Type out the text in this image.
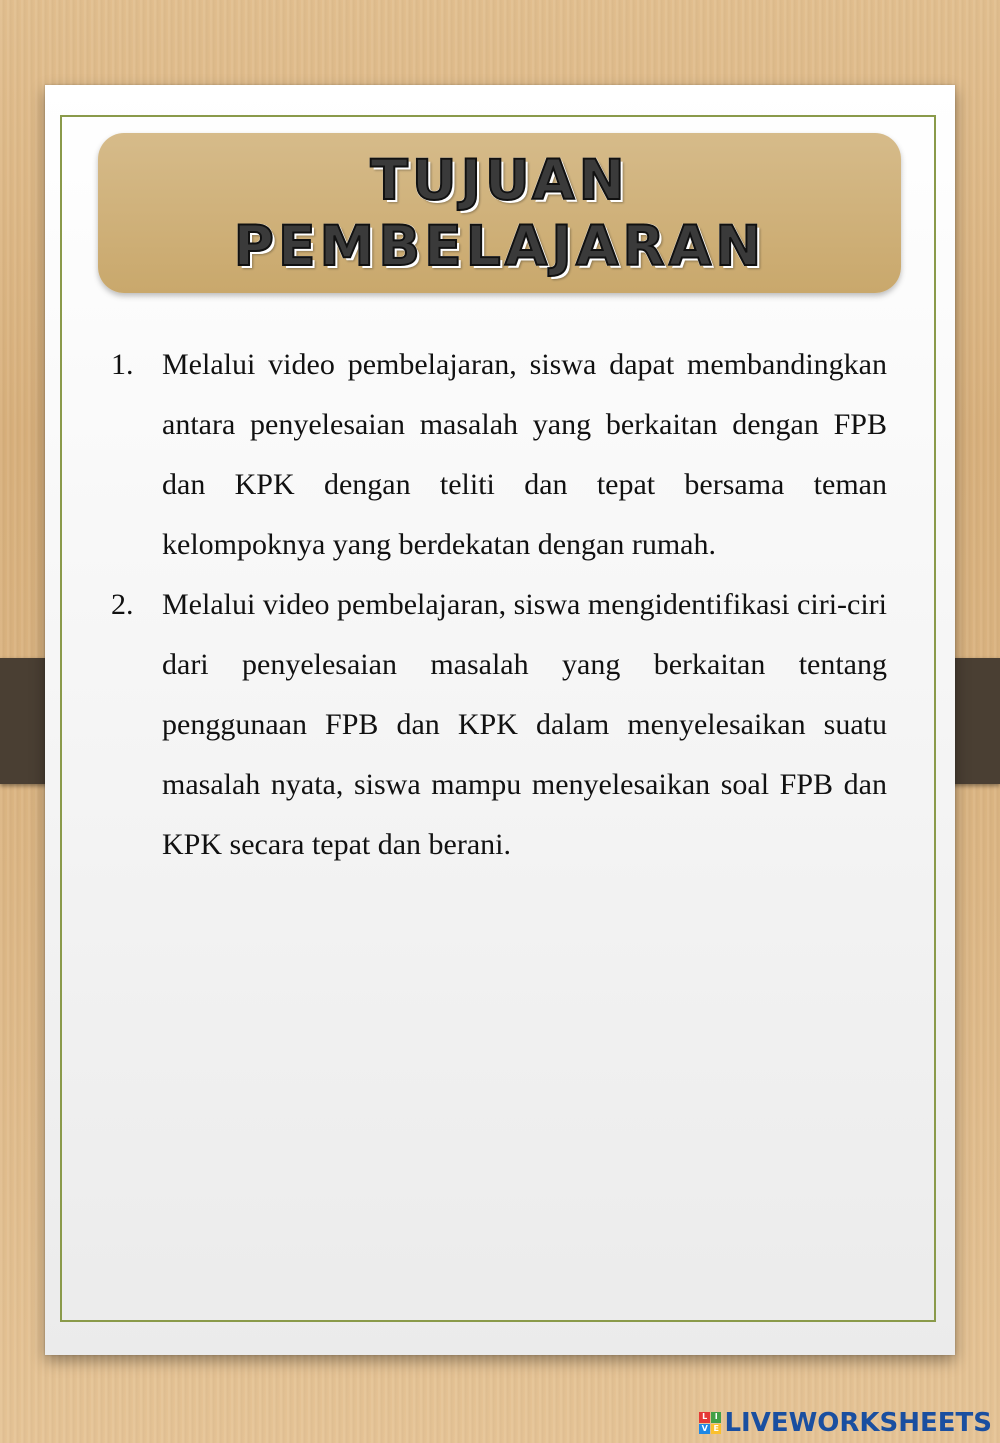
TUJUAN
PEMBELAJARAN
1. Melalui video pembelajaran, siswa dapat membandingkan antara penyelesaian masalah yang berkaitan dengan FPB dan KPK dengan teliti dan tepat bersama teman kelompoknya yang berdekatan dengan rumah.
2. Melalui video pembelajaran, siswa mengidentifikasi ciri-ciri dari penyelesaian masalah yang berkaitan tentang penggunaan FPB dan KPK dalam menyelesaikan suatu masalah nyata, siswa mampu menyelesaikan soal FPB dan KPK secara tepat dan berani.
L I
V E LIVEWORKSHEETS
